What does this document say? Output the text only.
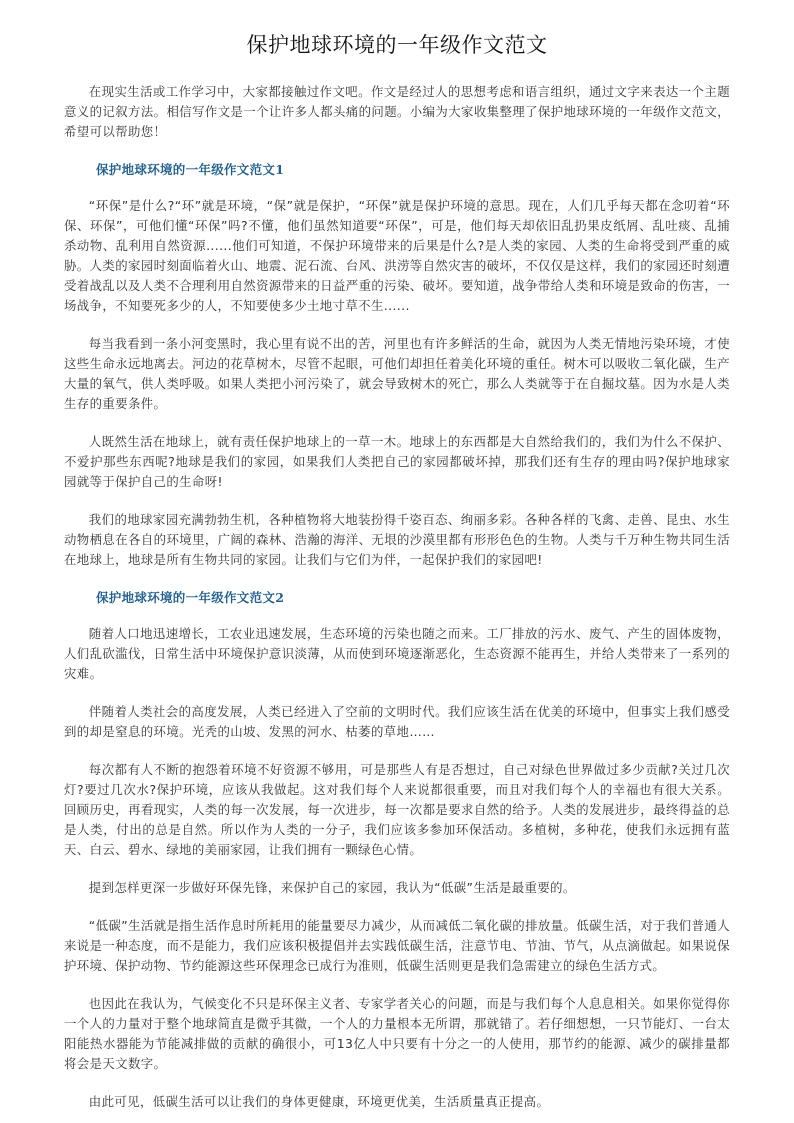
保护地球环境的一年级作文范文

在现实生活或工作学习中，大家都接触过作文吧。作文是经过人的思想考虑和语言组织，通过文字来表达一个主题意义的记叙方法。相信写作文是一个让许多人都头痛的问题。小编为大家收集整理了保护地球环境的一年级作文范文，希望可以帮助您！

保护地球环境的一年级作文范文1

“环保”是什么?“环”就是环境，“保”就是保护，“环保”就是保护环境的意思。现在，人们几乎每天都在念叨着“环保、环保”，可他们懂“环保”吗?不懂，他们虽然知道要“环保”，可是，他们每天却依旧乱扔果皮纸屑、乱吐痰、乱捕杀动物、乱利用自然资源......他们可知道，不保护环境带来的后果是什么?是人类的家园、人类的生命将受到严重的威胁。人类的家园时刻面临着火山、地震、泥石流、台风、洪涝等自然灾害的破坏，不仅仅是这样，我们的家园还时刻遭受着战乱以及人类不合理利用自然资源带来的日益严重的污染、破坏。要知道，战争带给人类和环境是致命的伤害，一场战争，不知要死多少的人，不知要使多少土地寸草不生......

每当我看到一条小河变黑时，我心里有说不出的苦，河里也有许多鲜活的生命，就因为人类无情地污染环境，才使这些生命永远地离去。河边的花草树木，尽管不起眼，可他们却担任着美化环境的重任。树木可以吸收二氧化碳，生产大量的氧气，供人类呼吸。如果人类把小河污染了，就会导致树木的死亡，那么人类就等于在自掘坟墓。因为水是人类生存的重要条件。

人既然生活在地球上，就有责任保护地球上的一草一木。地球上的东西都是大自然给我们的，我们为什么不保护、不爱护那些东西呢?地球是我们的家园，如果我们人类把自己的家园都破坏掉，那我们还有生存的理由吗?保护地球家园就等于保护自己的生命呀!

我们的地球家园充满勃勃生机，各种植物将大地装扮得千姿百态、绚丽多彩。各种各样的飞禽、走兽、昆虫、水生动物栖息在各自的环境里，广阔的森林、浩瀚的海洋、无垠的沙漠里都有形形色色的生物。人类与千万种生物共同生活在地球上，地球是所有生物共同的家园。让我们与它们为伴，一起保护我们的家园吧!

保护地球环境的一年级作文范文2

随着人口地迅速增长，工农业迅速发展，生态环境的污染也随之而来。工厂排放的污水、废气、产生的固体废物，人们乱砍滥伐，日常生活中环境保护意识淡薄，从而使到环境逐渐恶化，生态资源不能再生，并给人类带来了一系列的灾难。

伴随着人类社会的高度发展，人类已经进入了空前的文明时代。我们应该生活在优美的环境中，但事实上我们感受到的却是窒息的环境。光秃的山坡、发黑的河水、枯萎的草地……

每次都有人不断的抱怨着环境不好资源不够用，可是那些人有是否想过，自己对绿色世界做过多少贡献?关过几次灯?要过几次水?保护环境，应该从我做起。这对我们每个人来说都很重要，而且对我们每个人的幸福也有很大关系。回顾历史，再看现实，人类的每一次发展，每一次进步，每一次都是要求自然的给予。人类的发展进步，最终得益的总是人类，付出的总是自然。所以作为人类的一分子，我们应该多参加环保活动。多植树，多种花，使我们永远拥有蓝天、白云、碧水、绿地的美丽家园，让我们拥有一颗绿色心情。

提到怎样更深一步做好环保先锋，来保护自己的家园，我认为“低碳”生活是最重要的。

“低碳”生活就是指生活作息时所耗用的能量要尽力减少，从而减低二氧化碳的排放量。低碳生活，对于我们普通人来说是一种态度，而不是能力，我们应该积极提倡并去实践低碳生活，注意节电、节油、节气，从点滴做起。如果说保护环境、保护动物、节约能源这些环保理念已成行为准则，低碳生活则更是我们急需建立的绿色生活方式。

也因此在我认为，气候变化不只是环保主义者、专家学者关心的问题，而是与我们每个人息息相关。如果你觉得你一个人的力量对于整个地球简直是微乎其微，一个人的力量根本无所谓，那就错了。若仔细想想，一只节能灯、一台太阳能热水器能为节能减排做的贡献的确很小，可13亿人中只要有十分之一的人使用，那节约的能源、减少的碳排量都将会是天文数字。

由此可见，低碳生活可以让我们的身体更健康，环境更优美，生活质量真正提高。
